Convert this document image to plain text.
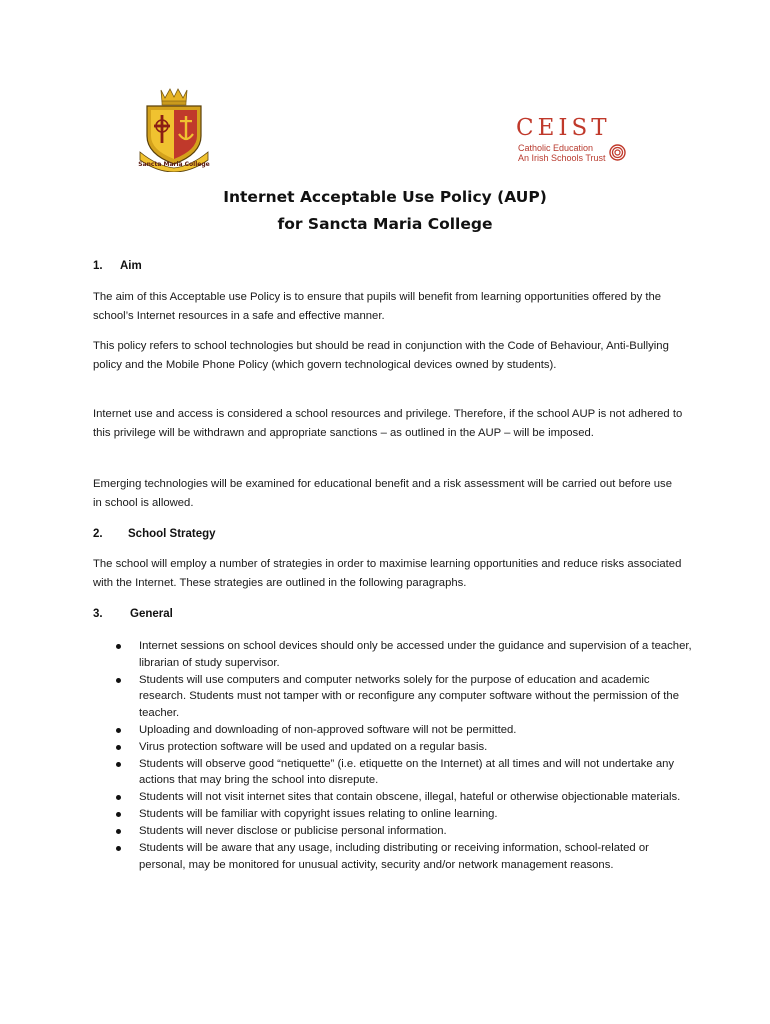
Sancta Maria College
CEIST
Catholic Education
An Irish Schools Trust
Internet Acceptable Use Policy (AUP)
for Sancta Maria College
1. Aim
The aim of this Acceptable use Policy is to ensure that pupils will benefit from learning opportunities offered by the school’s Internet resources in a safe and effective manner.
This policy refers to school technologies but should be read in conjunction with the Code of Behaviour, Anti-Bullying policy and the Mobile Phone Policy (which govern technological devices owned by students).
Internet use and access is considered a school resources and privilege. Therefore, if the school AUP is not adhered to this privilege will be withdrawn and appropriate sanctions – as outlined in the AUP – will be imposed.
Emerging technologies will be examined for educational benefit and a risk assessment will be carried out before use in school is allowed.
2. School Strategy
The school will employ a number of strategies in order to maximise learning opportunities and reduce risks associated with the Internet. These strategies are outlined in the following paragraphs.
3. General
Internet sessions on school devices should only be accessed under the guidance and supervision of a teacher, librarian of study supervisor.
Students will use computers and computer networks solely for the purpose of education and academic research. Students must not tamper with or reconfigure any computer software without the permission of the teacher.
Uploading and downloading of non-approved software will not be permitted.
Virus protection software will be used and updated on a regular basis.
Students will observe good “netiquette” (i.e. etiquette on the Internet) at all times and will not undertake any actions that may bring the school into disrepute.
Students will not visit internet sites that contain obscene, illegal, hateful or otherwise objectionable materials.
Students will be familiar with copyright issues relating to online learning.
Students will never disclose or publicise personal information.
Students will be aware that any usage, including distributing or receiving information, school-related or personal, may be monitored for unusual activity, security and/or network management reasons.
